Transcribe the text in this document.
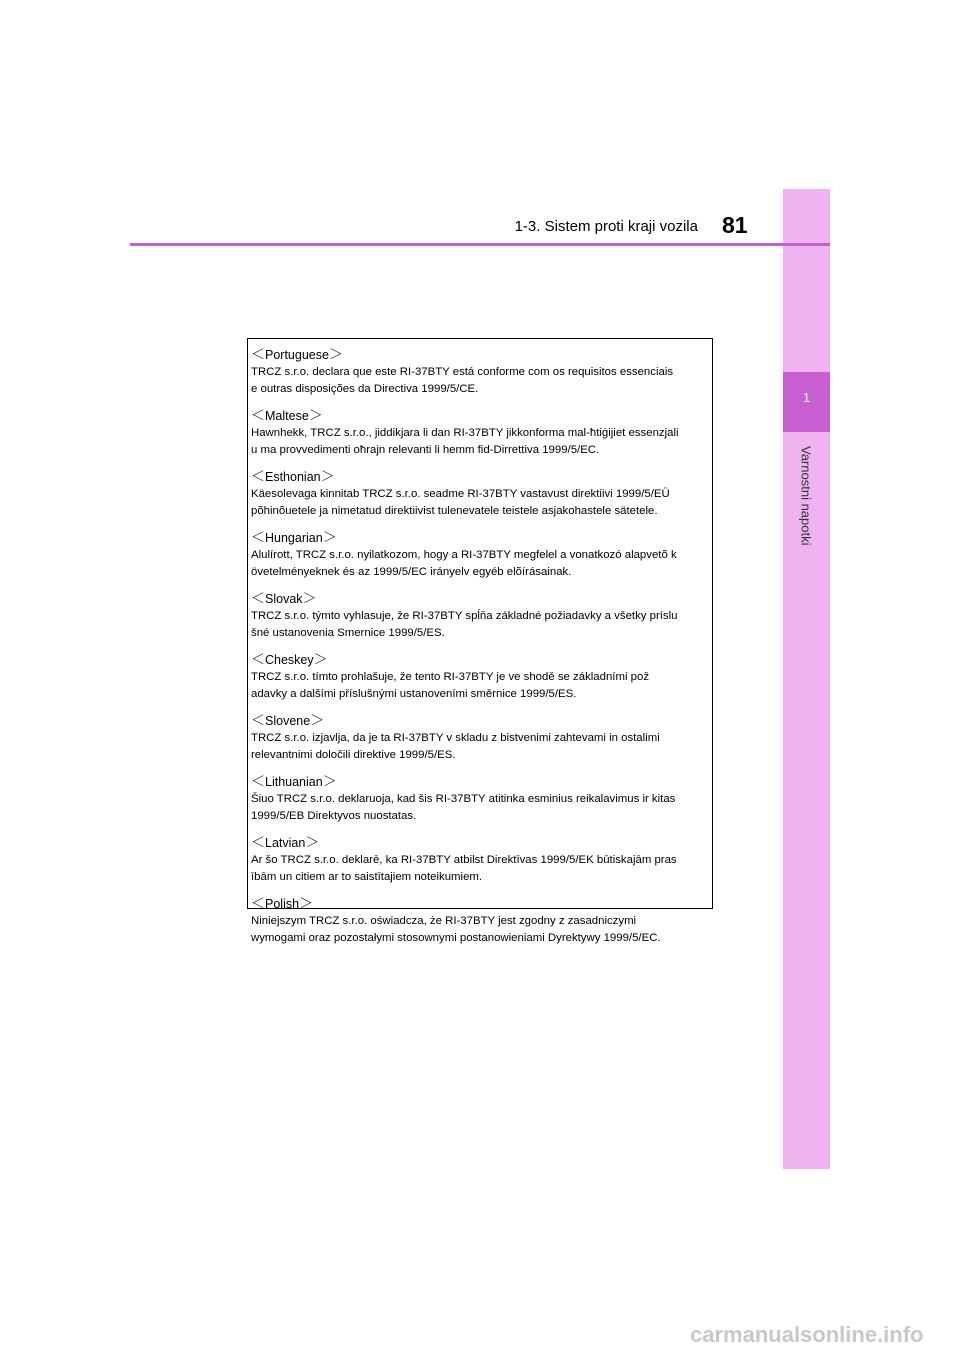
1
Varnostni napotki
1-3. Sistem proti kraji vozila 81
＜Portuguese＞
TRCZ s.r.o. declara que este RI-37BTY está conforme com os requisitos essenciais
e outras disposições da Directiva 1999/5/CE.
＜Maltese＞
Hawnhekk, TRCZ s.r.o., jiddikjara li dan RI-37BTY jikkonforma mal-ħtiġijiet essenzjali
u ma provvedimenti oħrajn relevanti li hemm fid-Dirrettiva 1999/5/EC.
＜Esthonian＞
Käesolevaga kinnitab TRCZ s.r.o. seadme RI-37BTY vastavust direktiivi 1999/5/EÜ
põhinõuetele ja nimetatud direktiivist tulenevatele teistele asjakohastele sätetele.
＜Hungarian＞
Alulírott, TRCZ s.r.o. nyilatkozom, hogy a RI-37BTY megfelel a vonatkozó alapvetõ k
övetelményeknek és az 1999/5/EC irányelv egyéb elõírásainak.
＜Slovak＞
TRCZ s.r.o. týmto vyhlasuje, že RI-37BTY spĺňa základné požiadavky a všetky príslu
šné ustanovenia Smernice 1999/5/ES.
＜Cheskey＞
TRCZ s.r.o. tímto prohlašuje, že tento RI-37BTY je ve shodě se základními pož
adavky a dalšími příslušnými ustanoveními směrnice 1999/5/ES.
＜Slovene＞
TRCZ s.r.o. izjavlja, da je ta RI-37BTY v skladu z bistvenimi zahtevami in ostalimi
relevantnimi določili direktive 1999/5/ES.
＜Lithuanian＞
Šiuo TRCZ s.r.o. deklaruoja, kad šis RI-37BTY atitinka esminius reikalavimus ir kitas
1999/5/EB Direktyvos nuostatas.
＜Latvian＞
Ar šo TRCZ s.r.o. deklarē, ka RI-37BTY atbilst Direktīvas 1999/5/EK būtiskajām pras
ībām un citiem ar to saistītajiem noteikumiem.
＜Polish＞
Niniejszym TRCZ s.r.o. oświadcza, że RI-37BTY jest zgodny z zasadniczymi
wymogami oraz pozostałymi stosownymi postanowieniami Dyrektywy 1999/5/EC.
carmanualsonline.info
